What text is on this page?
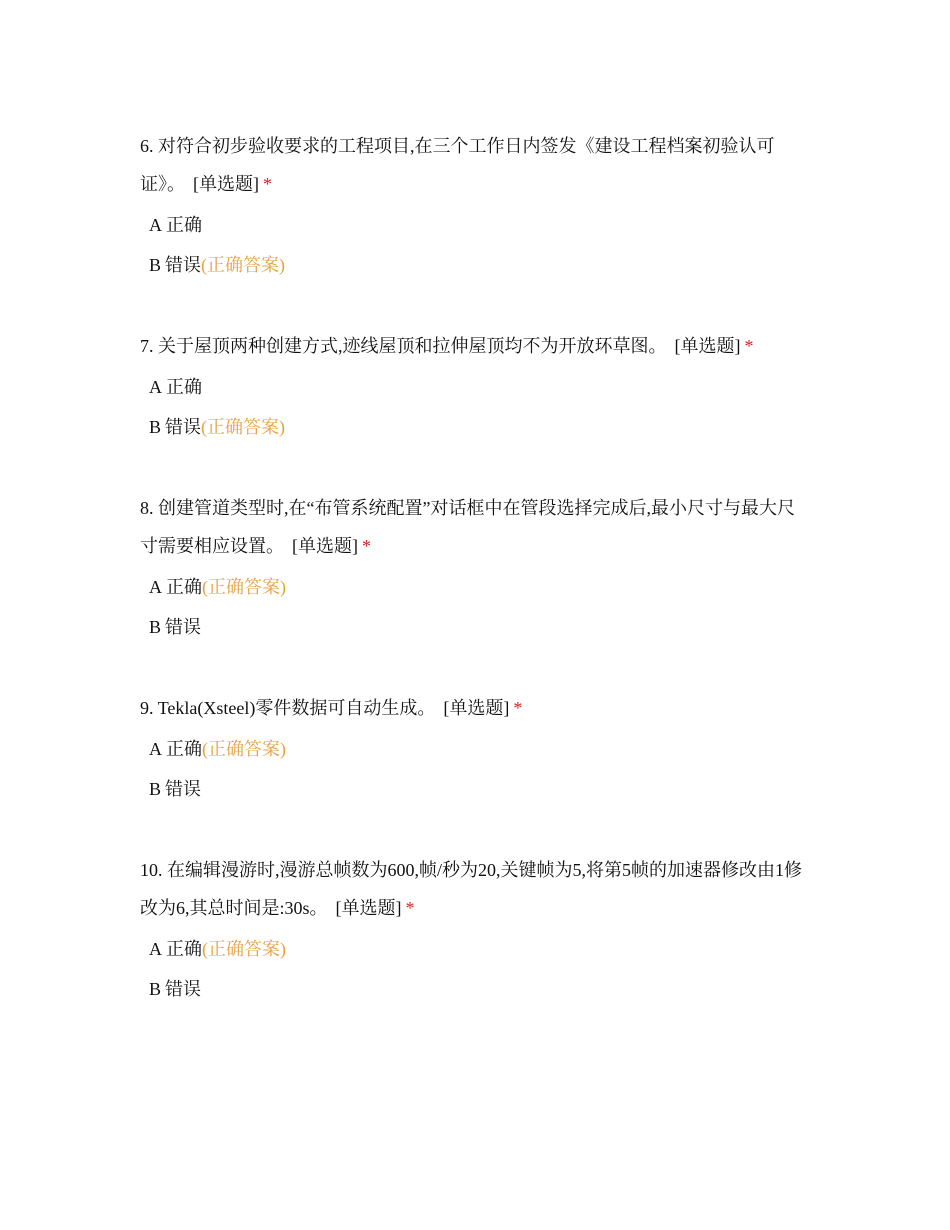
6. 对符合初步验收要求的工程项目,在三个工作日内签发《建设工程档案初验认可证》。 [单选题] *

A 正确
B 错误(正确答案)

7. 关于屋顶两种创建方式,迹线屋顶和拉伸屋顶均不为开放环草图。 [单选题] *

A 正确
B 错误(正确答案)

8. 创建管道类型时,在“布管系统配置”对话框中在管段选择完成后,最小尺寸与最大尺寸需要相应设置。 [单选题] *

A 正确(正确答案)
B 错误

9. Tekla(Xsteel)零件数据可自动生成。 [单选题] *

A 正确(正确答案)
B 错误

10. 在编辑漫游时,漫游总帧数为600,帧/秒为20,关键帧为5,将第5帧的加速器修改由1修改为6,其总时间是:30s。 [单选题] *

A 正确(正确答案)
B 错误
